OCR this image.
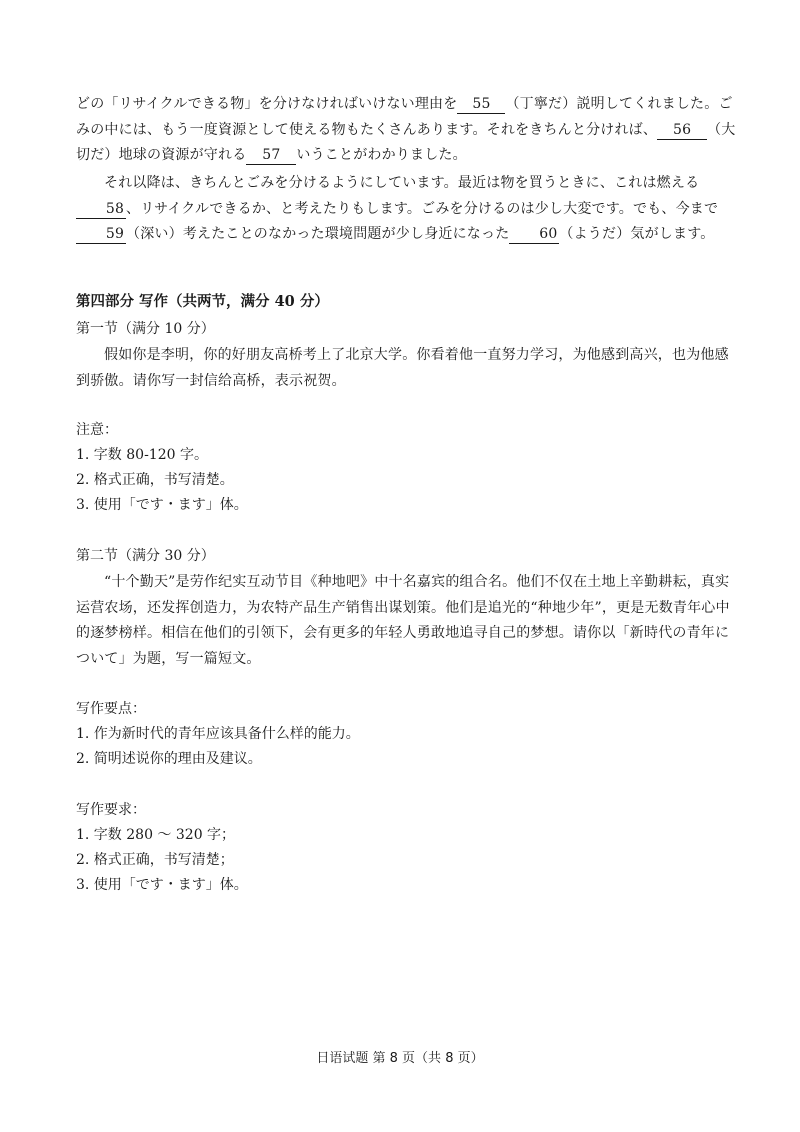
どの「リサイクルできる物」を分けなければいけない理由を 55 （丁寧だ）説明してくれました。ごみの中には、もう一度資源として使える物もたくさんあります。それをきちんと分ければ、 56 （大切だ）地球の資源が守れる 57 いうことがわかりました。
それ以降は、きちんとごみを分けるようにしています。最近は物を買うときに、これは燃える58 、リサイクルできるか、と考えたりもします。ごみを分けるのは少し大変です。でも、今まで59 （深い）考えたことのなかった環境問題が少し身近になった 60 （ようだ）気がします。
第四部分 写作（共两节，满分 40 分）
第一节（满分 10 分）
假如你是李明，你的好朋友高桥考上了北京大学。你看着他一直努力学习，为他感到高兴，也为他感到骄傲。请你写一封信给高桥，表示祝贺。
注意：
1. 字数 80-120 字。
2. 格式正确，书写清楚。
3. 使用「です・ます」体。
第二节（满分 30 分）
“十个勤天”是劳作纪实互动节目《种地吧》中十名嘉宾的组合名。他们不仅在土地上辛勤耕耘，真实运营农场，还发挥创造力，为农特产品生产销售出谋划策。他们是追光的“种地少年”，更是无数青年心中的逐梦榜样。相信在他们的引领下，会有更多的年轻人勇敢地追寻自己的梦想。请你以「新時代の青年について」为题，写一篇短文。
写作要点：
1. 作为新时代的青年应该具备什么样的能力。
2. 简明述说你的理由及建议。
写作要求：
1. 字数 280 ～ 320 字；
2. 格式正确，书写清楚；
3. 使用「です・ます」体。
日语试题 第 8 页（共 8 页）
